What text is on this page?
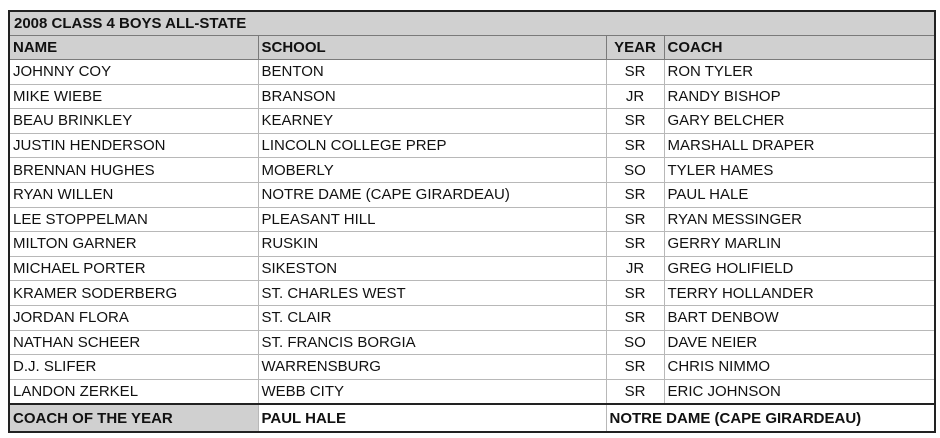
2008 CLASS 4 BOYS ALL-STATE
NAME	SCHOOL	YEAR	COACH
JOHNNY COY	BENTON	SR	RON TYLER
MIKE WIEBE	BRANSON	JR	RANDY BISHOP
BEAU BRINKLEY	KEARNEY	SR	GARY BELCHER
JUSTIN HENDERSON	LINCOLN COLLEGE PREP	SR	MARSHALL DRAPER
BRENNAN HUGHES	MOBERLY	SO	TYLER HAMES
RYAN WILLEN	NOTRE DAME (CAPE GIRARDEAU)	SR	PAUL HALE
LEE STOPPELMAN	PLEASANT HILL	SR	RYAN MESSINGER
MILTON GARNER	RUSKIN	SR	GERRY MARLIN
MICHAEL PORTER	SIKESTON	JR	GREG HOLIFIELD
KRAMER SODERBERG	ST. CHARLES WEST	SR	TERRY HOLLANDER
JORDAN FLORA	ST. CLAIR	SR	BART DENBOW
NATHAN SCHEER	ST. FRANCIS BORGIA	SO	DAVE NEIER
D.J. SLIFER	WARRENSBURG	SR	CHRIS NIMMO
LANDON ZERKEL	WEBB CITY	SR	ERIC JOHNSON
COACH OF THE YEAR	PAUL HALE	NOTRE DAME (CAPE GIRARDEAU)	
